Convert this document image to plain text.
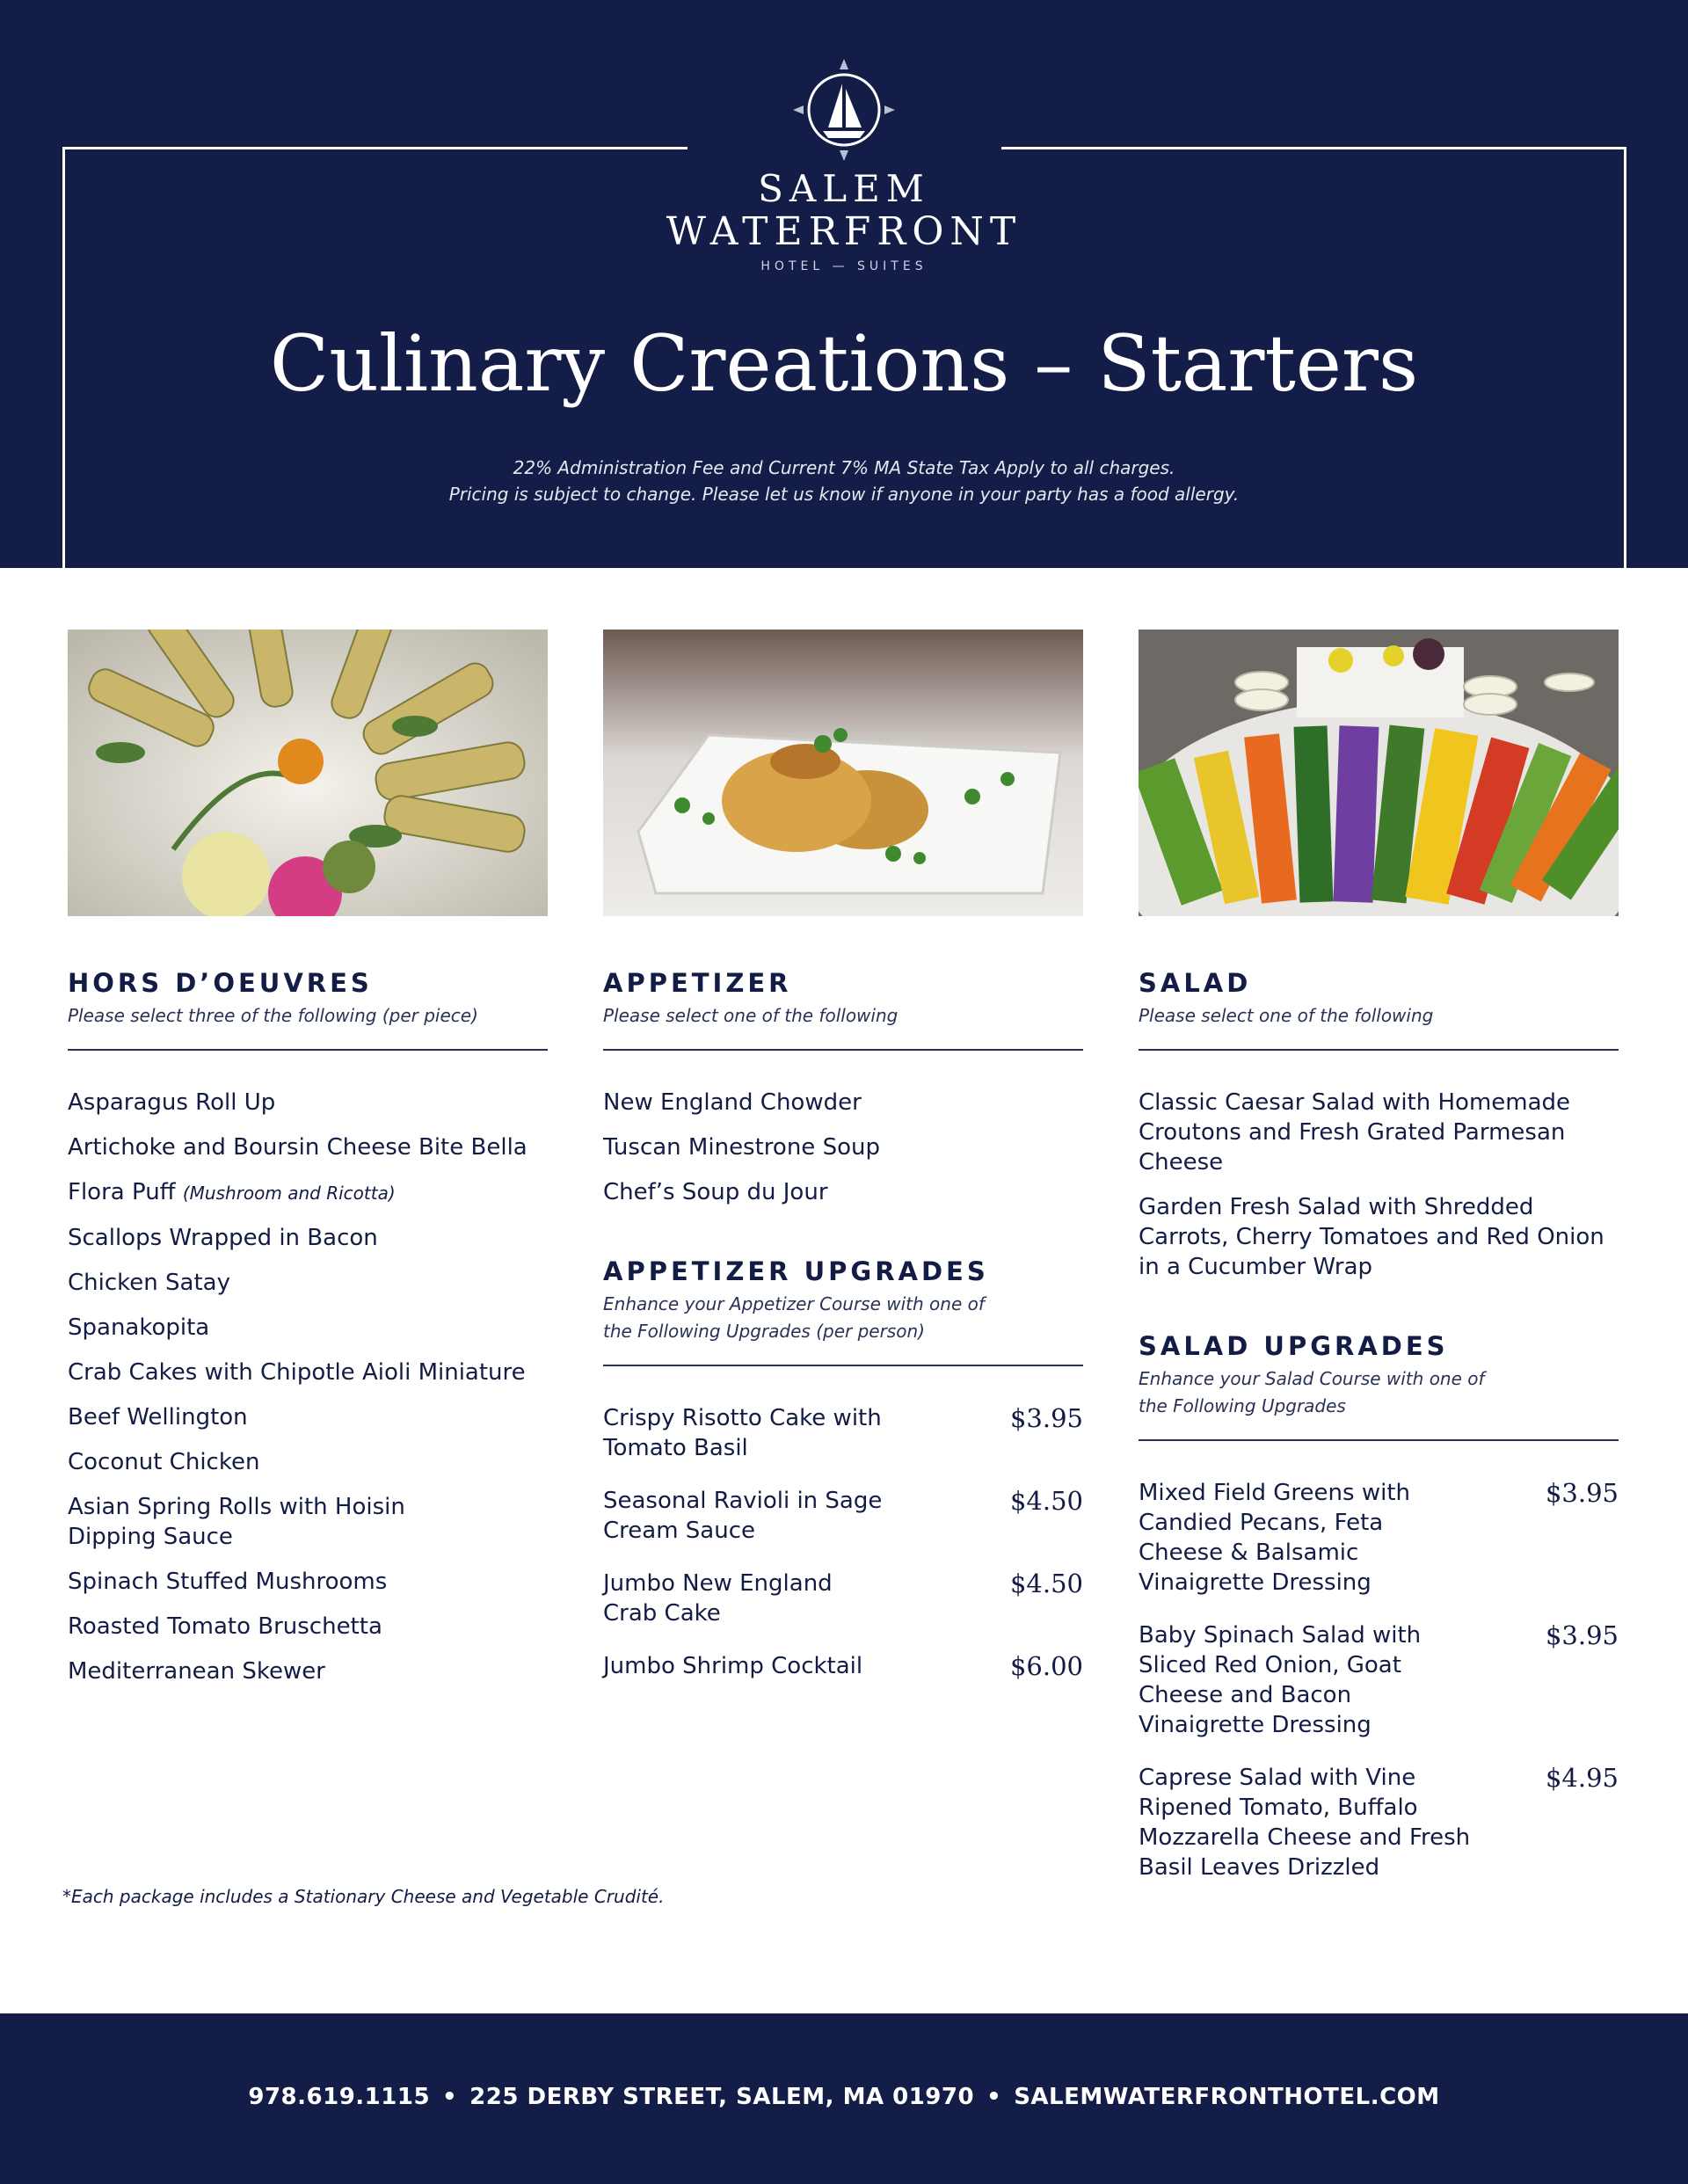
SALEM
WATERFRONT
HOTEL — SUITES
Culinary Creations – Starters
22% Administration Fee and Current 7% MA State Tax Apply to all charges.
Pricing is subject to change. Please let us know if anyone in your party has a food allergy.
HORS D’OEUVRES

Please select three of the following (per piece)

Asparagus Roll Up
Artichoke and Boursin Cheese Bite Bella
Flora Puff (Mushroom and Ricotta)
Scallops Wrapped in Bacon
Chicken Satay
Spanakopita
Crab Cakes with Chipotle Aioli Miniature
Beef Wellington
Coconut Chicken
Asian Spring Rolls with Hoisin Dipping Sauce
Spinach Stuffed Mushrooms
Roasted Tomato Bruschetta
Mediterranean Skewer
APPETIZER

Please select one of the following

New England Chowder
Tuscan Minestrone Soup
Chef’s Soup du Jour
APPETIZER UPGRADES

Enhance your Appetizer Course with one of
the Following Upgrades (per person)

Crispy Risotto Cake with Tomato Basil
$3.95
Seasonal Ravioli in Sage Cream Sauce
$4.50
Jumbo New England Crab Cake
$4.50
Jumbo Shrimp Cocktail	$6.00
SALAD

Please select one of the following

Classic Caesar Salad with Homemade Croutons and Fresh Grated Parmesan Cheese
Garden Fresh Salad with Shredded Carrots, Cherry Tomatoes and Red Onion in a Cucumber Wrap
SALAD UPGRADES

Enhance your Salad Course with one of
the Following Upgrades

Mixed Field Greens with Candied Pecans, Feta Cheese & Balsamic Vinaigrette Dressing
$3.95
Baby Spinach Salad with Sliced Red Onion, Goat Cheese and Bacon Vinaigrette Dressing
$3.95
Caprese Salad with Vine Ripened Tomato, Buffalo Mozzarella Cheese and Fresh Basil Leaves Drizzled
$4.95
*Each package includes a Stationary Cheese and Vegetable Crudité.
978.619.1115 • 225 DERBY STREET, SALEM, MA 01970 • SALEMWATERFRONTHOTEL.COM
